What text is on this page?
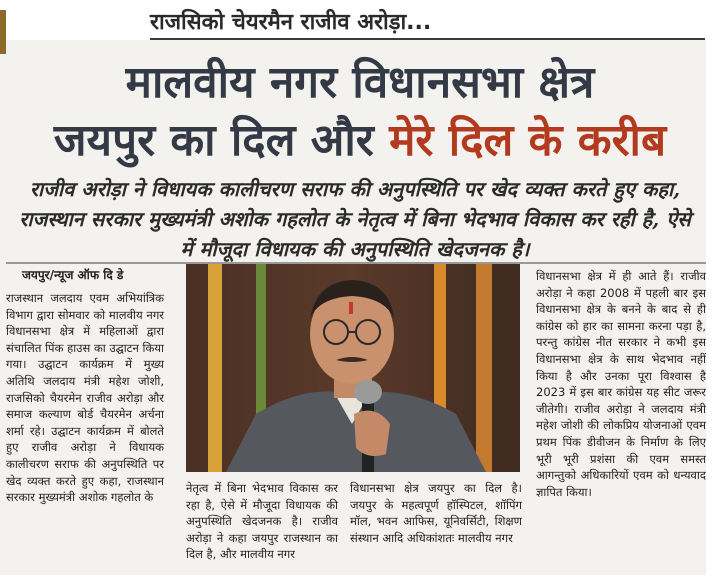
राजसिको चेयरमैन राजीव अरोड़ा...
मालवीय नगर विधानसभा क्षेत्र
जयपुर का दिल और मेरे दिल के करीब
राजीव अरोड़ा ने विधायक कालीचरण सराफ की अनुपस्थिति पर खेद व्यक्त करते हुए कहा, राजस्थान सरकार मुख्यमंत्री अशोक गहलोत के नेतृत्व में बिना भेदभाव विकास कर रही है, ऐसे में मौजूदा विधायक की अनुपस्थिति खेदजनक है।
जयपुर/न्यूज ऑफ दि डे
राजस्थान जलदाय एवम अभियांत्रिक विभाग द्वारा सोमवार को मालवीय नगर विधानसभा क्षेत्र में महिलाओं द्वारा संचालित पिंक हाउस का उद्घाटन किया गया। उद्घाटन कार्यक्रम में मुख्य अतिथि जलदाय मंत्री महेश जोशी, राजसिको चैयरमेन राजीव अरोड़ा और समाज कल्याण बोर्ड चैयरमेन अर्चना शर्मा रहे। उद्घाटन कार्यक्रम में बोलते हुए राजीव अरोड़ा ने विधायक कालीचरण सराफ की अनुपस्थिति पर खेद व्यक्त करते हुए कहा, राजस्थान सरकार मुख्यमंत्री अशोक गहलोत के
नेतृत्व में बिना भेदभाव विकास कर रहा है, ऐसे में मौजूदा विधायक की अनुपस्थिति खेदजनक है। राजीव अरोड़ा ने कहा जयपुर राजस्थान का दिल है, और मालवीय नगर
विधानसभा क्षेत्र जयपुर का दिल है। जयपुर के महत्वपूर्ण हॉस्पिटल, शॉपिंग मॉल, भवन आफिस, यूनिवर्सिटी, शिक्षण संस्थान आदि अधिकांशतः मालवीय नगर
विधानसभा क्षेत्र में ही आते हैं। राजीव अरोड़ा ने कहा 2008 में पहली बार इस विधानसभा क्षेत्र के बनने के बाद से ही कांग्रेस को हार का सामना करना पड़ा है, परन्तु कांग्रेस नीत सरकार ने कभी इस विधानसभा क्षेत्र के साथ भेदभाव नहीं किया है और उनका पूरा विश्वास है 2023 में इस बार कांग्रेस यह सीट जरूर जीतेगी। राजीव अरोड़ा ने जलदाय मंत्री महेश जोशी की लोकप्रिय योजनाओं एवम प्रथम पिंक डीवीजन के निर्माण के लिए भूरी भूरी प्रशंसा की एवम समस्त आगन्तुको अधिकारियों एवम को धन्यवाद ज्ञापित किया।
